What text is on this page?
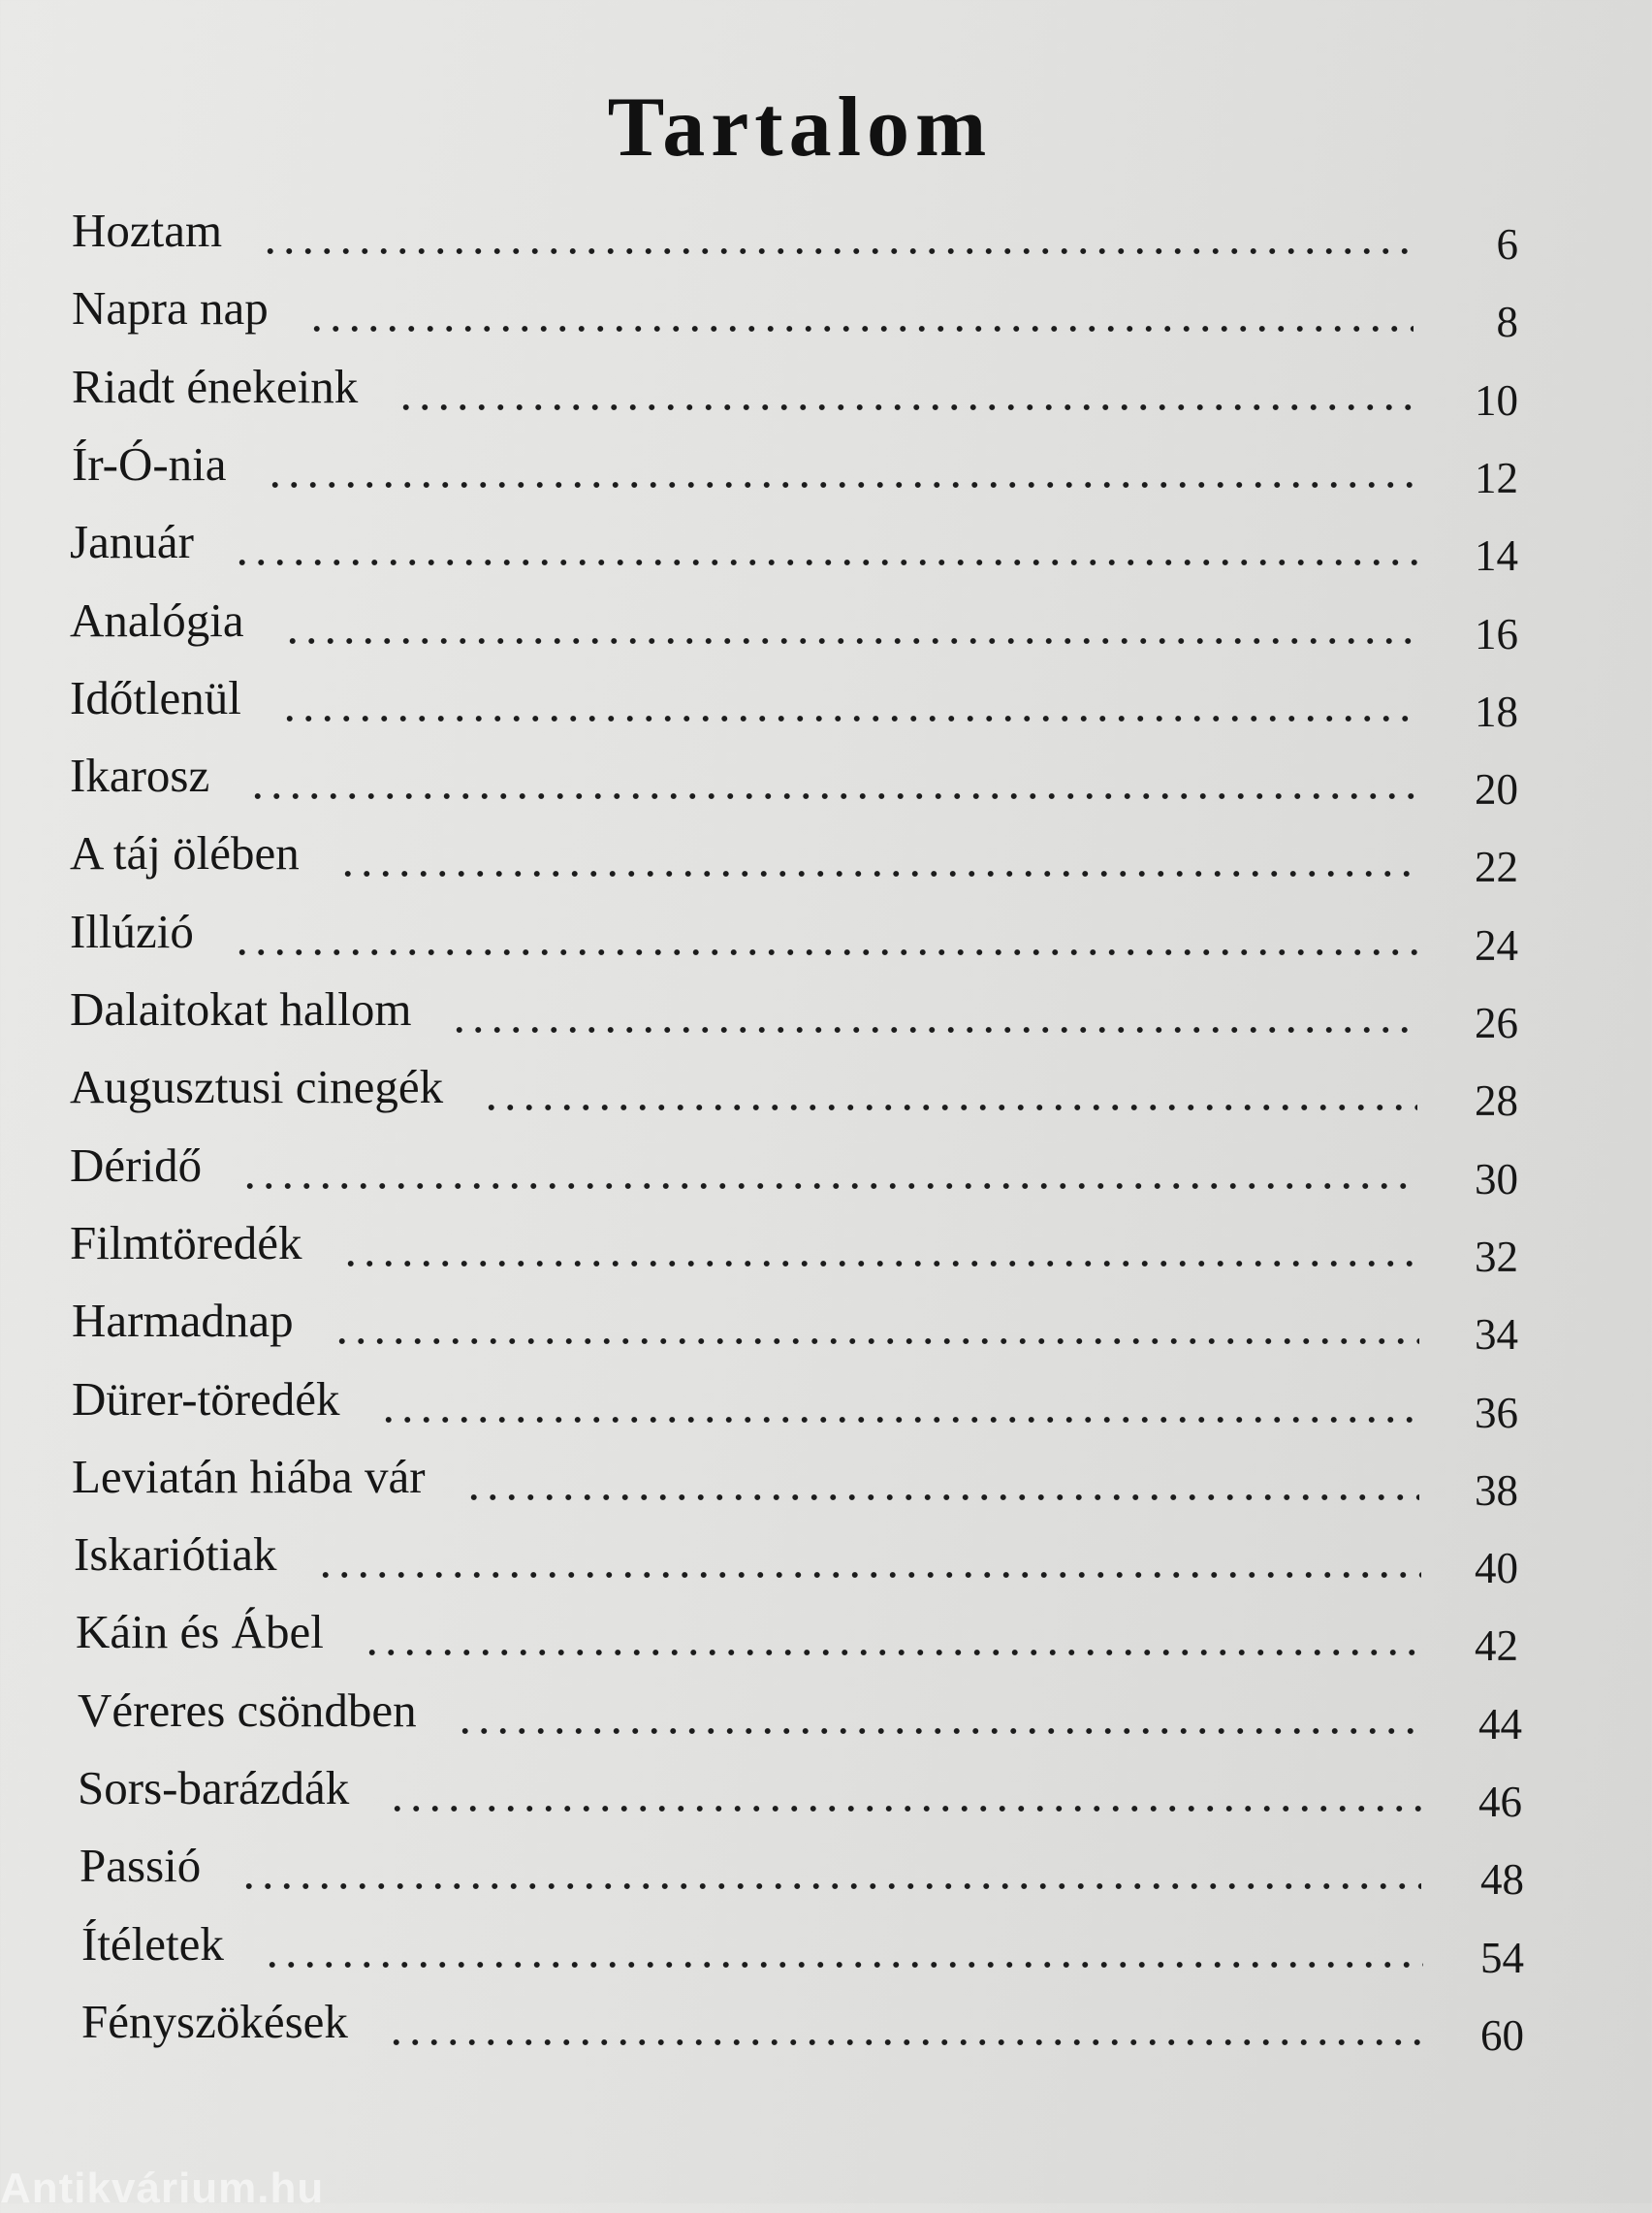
Tartalom
Hoztam	6
Napra nap	8
Riadt énekeink	10
Ír-Ó-nia	12
Január	14
Analógia	16
Időtlenül	18
Ikarosz	20
A táj ölében	22
Illúzió	24
Dalaitokat hallom	26
Augusztusi cinegék	28
Déridő	30
Filmtöredék	32
Harmadnap	34
Dürer-töredék	36
Leviatán hiába vár	38
Iskariótiak	40
Káin és Ábel	42
Véreres csöndben	44
Sors-barázdák	46
Passió	48
Ítéletek	54
Fényszökések	60
Antikvárium.hu
